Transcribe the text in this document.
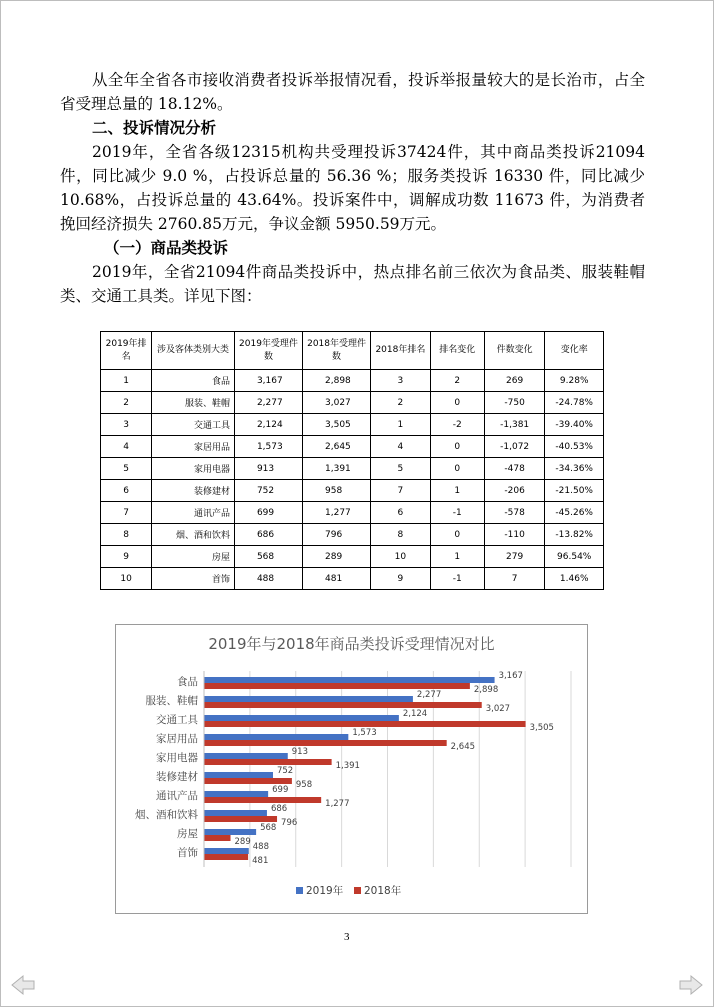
从全年全省各市接收消费者投诉举报情况看，投诉举报量较大的是长治市，占全省受理总量的 18.12%。

二、投诉情况分析

2019年，全省各级12315机构共受理投诉37424件，其中商品类投诉21094件，同比减少 9.0 %，占投诉总量的 56.36 %；服务类投诉 16330 件，同比减少10.68%，占投诉总量的 43.64%。投诉案件中，调解成功数 11673 件，为消费者挽回经济损失 2760.85万元，争议金额 5950.59万元。

（一）商品类投诉

2019年，全省21094件商品类投诉中，热点排名前三依次为食品类、服装鞋帽类、交通工具类。详见下图：

2019年排名	涉及客体类别大类	2019年受理件数	2018年受理件数	2018年排名	排名变化	件数变化	变化率
1	食品	3,167	2,898	3	2	269	9.28%
2	服装、鞋帽	2,277	3,027	2	0	-750	-24.78%
3	交通工具	2,124	3,505	1	-2	-1,381	-39.40%
4	家居用品	1,573	2,645	4	0	-1,072	-40.53%
5	家用电器	913	1,391	5	0	-478	-34.36%
6	装修建材	752	958	7	1	-206	-21.50%
7	通讯产品	699	1,277	6	-1	-578	-45.26%
8	烟、酒和饮料	686	796	8	0	-110	-13.82%
9	房屋	568	289	10	1	279	96.54%
10	首饰	488	481	9	-1	7	1.46%
2019年与2018年商品类投诉受理情况对比
食品	3,167
2,898
服装、鞋帽	2,277
3,027
交通工具	2,124
3,505
家居用品	1,573
2,645
家用电器	913
1,391
装修建材	752
958
通讯产品	699
1,277
烟、酒和饮料	686
796
房屋	568
289
首饰	488
481
2019年 2018年
3
